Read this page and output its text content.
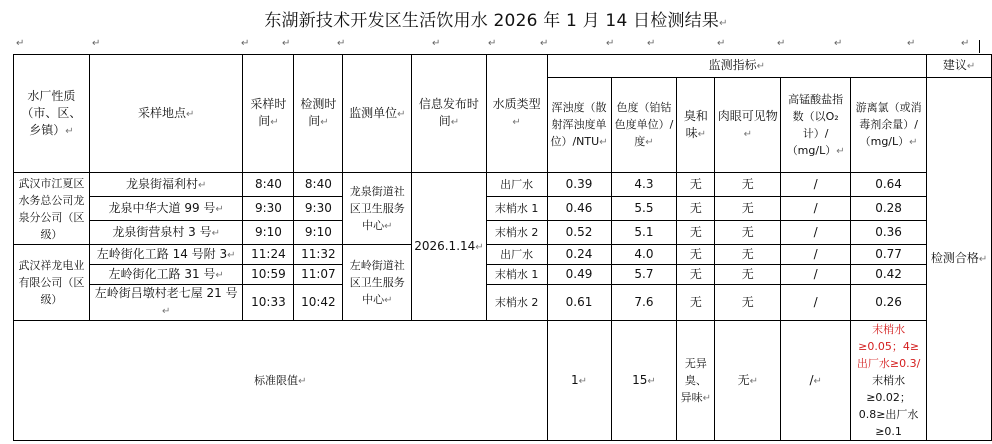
东湖新技术开发区生活饮用水 2026 年 1 月 14 日检测结果↵
↵	↵	↵	↵	↵	↵	↵	↵	↵	↵	↵	↵	↵	↵	↵
水厂性质（市、区、乡镇）↵	采样地点↵	采样时间↵	检测时间↵	监测单位↵	信息发布时间↵	水质类型↵	监测指标↵						建议↵
							浑浊度（散射浑浊度单位）/NTU↵	色度（铂钴色度单位）/度↵	臭和味↵	肉眼可见物↵	高锰酸盐指数（以O₂计）/（mg/L）↵	游离氯（或消毒剂余量）/（mg/L）↵	检测合格↵
武汉市江夏区水务总公司龙泉分公司（区级）	龙泉街福利村↵	8:40	8:40	龙泉街道社区卫生服务中心↵	2026.1.14↵	出厂水	0.39	4.3	无	无	/	0.64	
	龙泉中华大道 99 号↵	9:30	9:30			末梢水 1	0.46	5.5	无	无	/	0.28	
	龙泉街营泉村 3 号↵	9:10	9:10			末梢水 2	0.52	5.1	无	无	/	0.36	
武汉祥龙电业有限公司（区级）	左岭街化工路 14 号附 3↵	11:24	11:32	左岭街道社区卫生服务中心↵		出厂水	0.24	4.0	无	无	/	0.77	
	左岭街化工路 31 号↵	10:59	11:07			末梢水 1	0.49	5.7	无	无	/	0.42	
	左岭街吕墩村老七屋 21 号↵	10:33	10:42			末梢水 2	0.61	7.6	无	无	/	0.26	
标准限值↵							1↵	15↵	无异臭、异味↵	无↵	/↵	末梢水≥0.05；4≥出厂水≥0.3/
末梢水≥0.02；0.8≥出厂水≥0.1	
